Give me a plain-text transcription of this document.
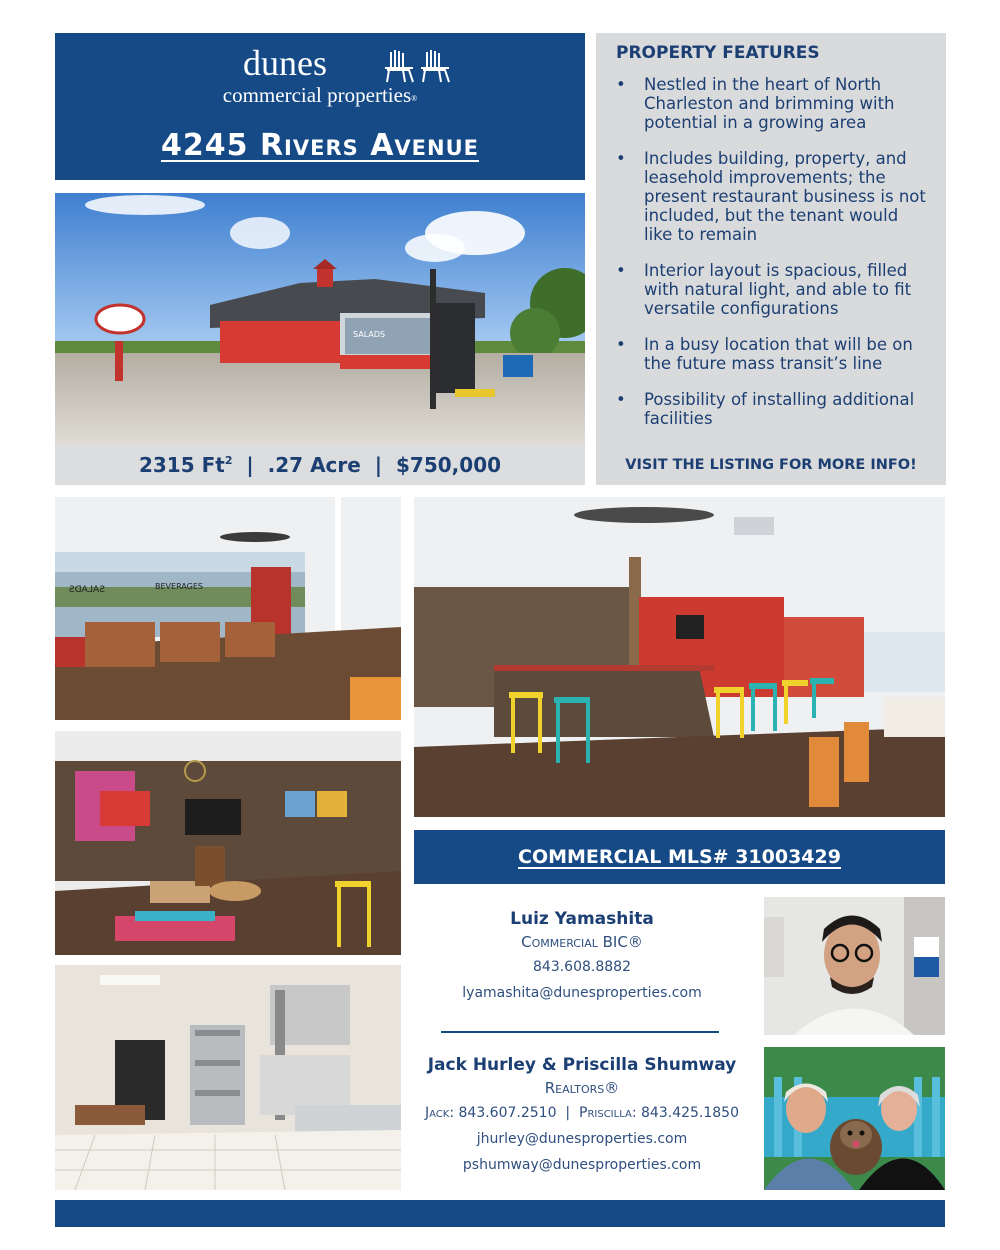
dunes
commercial properties®
4245 Rivers Avenue
PROPERTY FEATURES
• Nestled in the heart of North Charleston and brimming with potential in a growing area
• Includes building, property, and leasehold improvements; the present restaurant business is not included, but the tenant would like to remain
• Interior layout is spacious, filled with natural light, and able to fit versatile configurations
• In a busy location that will be on the future mass transit’s line
• Possibility of installing additional facilities
VISIT THE LISTING FOR MORE INFO!
SALADS
2315 Ft$^2$ | .27 Acre | $750,000
SALADS	BEVERAGES
COMMERCIAL MLS# 31003429
Luiz Yamashita
Commercial BIC®
843.608.8882
lyamashita@dunesproperties.com
Jack Hurley & Priscilla Shumway
Realtors®
Jack: 843.607.2510 | Priscilla: 843.425.1850
jhurley@dunesproperties.com
pshumway@dunesproperties.com
